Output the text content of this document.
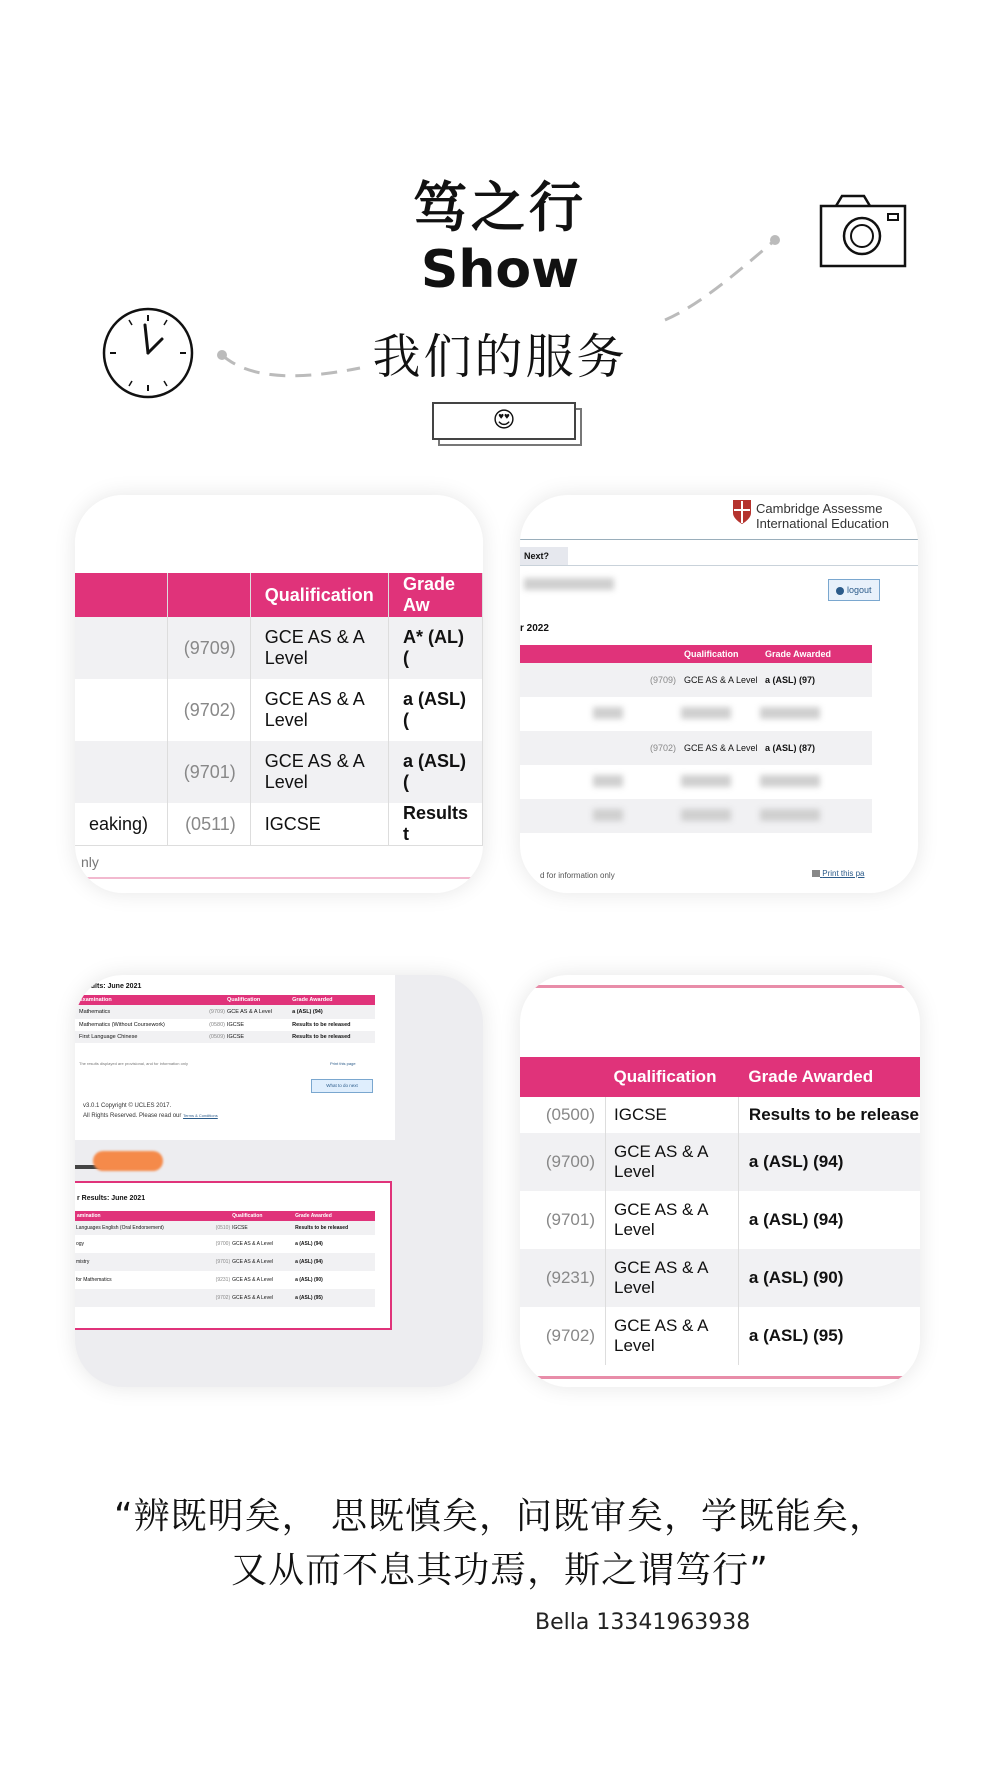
笃之行
Show
我们的服务
😍
		Qualification	Grade Aw
	(9709)	GCE AS & A Level	A* (AL) (
	(9702)	GCE AS & A Level	a (ASL) (
	(9701)	GCE AS & A Level	a (ASL) (
eaking)	(0511)	IGCSE	Results t
nly
Cambridge Assessme
International Education
Next?
logout
r 2022
		Qualification	Grade Awarded
	(9709)	GCE AS & A Level	a (ASL) (97)

	(9702)	GCE AS & A Level	a (ASL) (87)

d for information only	Print this pa
esults: June 2021
Examination		Qualification	Grade Awarded
Mathematics	(9709)	GCE AS & A Level	a (ASL) (94)
Mathematics (Without Coursework)	(0580)	IGCSE	Results to be released
First Language Chinese	(0509)	IGCSE	Results to be released
The results displayed are provisional, and for information only	Print this page
What to do next
v3.0.1 Copyright © UCLES 2017.
All Rights Reserved. Please read our Terms & Conditions
r Results: June 2021
amination		Qualification	Grade Awarded
Languages English (Oral Endorsement)	(0510)	IGCSE	Results to be released
ogy	(9700)	GCE AS & A Level	a (ASL) (94)
mistry	(9701)	GCE AS & A Level	a (ASL) (94)
for Mathematics	(9231)	GCE AS & A Level	a (ASL) (90)
	(9702)	GCE AS & A Level	a (ASL) (95)
	Qualification	Grade Awarded
(0500)	IGCSE	Results to be release
(9700)	GCE AS & A Level	a (ASL) (94)
(9701)	GCE AS & A Level	a (ASL) (94)
(9231)	GCE AS & A Level	a (ASL) (90)
(9702)	GCE AS & A Level	a (ASL) (95)
“辨既明矣， 思既慎矣，问既审矣，学既能矣，
又从而不息其功焉，斯之谓笃行”
Bella 13341963938
